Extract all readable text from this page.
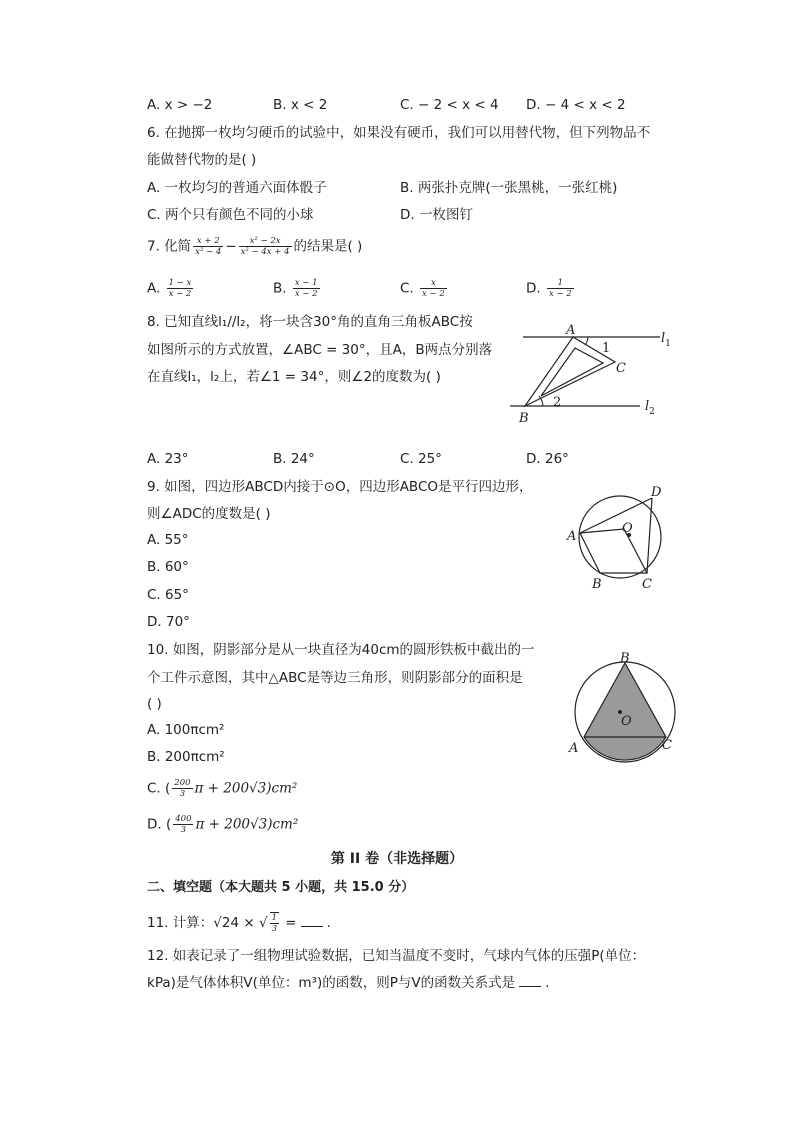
A. x > −2	B. x < 2	C. − 2 < x < 4 D. − 4 < x < 2
6. 在抛掷一枚均匀硬币的试验中，如果没有硬币，我们可以用替代物，但下列物品不
能做替代物的是( )
A. 一枚均匀的普通六面体骰子	B. 两张扑克牌(一张黑桃，一张红桃)
C. 两个只有颜色不同的小球	D. 一枚图钉
7. 化简 $\frac{x + 2}{\text{x² − 4}} - \frac{\text{x² − 2x}}{\text{x² − 4x + 4}}$ 的结果是( )
A. $\frac{1 - x}{x - 2}$	B. $\frac{x - 1}{x - 2}$	C. $\frac{x}{x - 2}$	D. $\frac{1}{x - 2}$
8. 已知直线l₁//l₂，将一块含30°角的直角三角板ABC按
如图所示的方式放置，∠ABC = 30°，且A，B两点分别落
在直线l₁，l₂上，若∠1 = 34°，则∠2的度数为( )
A
B
C
1
2
$l_1$
$l_2$
A. 23°	B. 24°	C. 25°	D. 26°
9. 如图，四边形ABCD内接于⊙O，四边形ABCO是平行四边形，
则∠ADC的度数是( )
A
B	C
D
O
A. 55°
B. 60°
C. 65°
D. 70°
10. 如图，阴影部分是从一块直径为40cm的圆形铁板中截出的一
个工件示意图，其中△ABC是等边三角形，则阴影部分的面积是
( )
B
A	C
O
A. 100πcm²
B. 200πcm²
C. ( $\frac{200}{3}$ π + 200√3)cm²
D. ( $\frac{400}{3}$ π + 200√3)cm²
第 II 卷（非选择题）
二、填空题（本大题共 5 小题，共 15.0 分）
11. 计算：√24 × √ $\frac{1}{3}$ = .
12. 如表记录了一组物理试验数据，已知当温度不变时，气球内气体的压强P(单位：
kPa)是气体体积V(单位：m³)的函数，则P与V的函数关系式是 .
